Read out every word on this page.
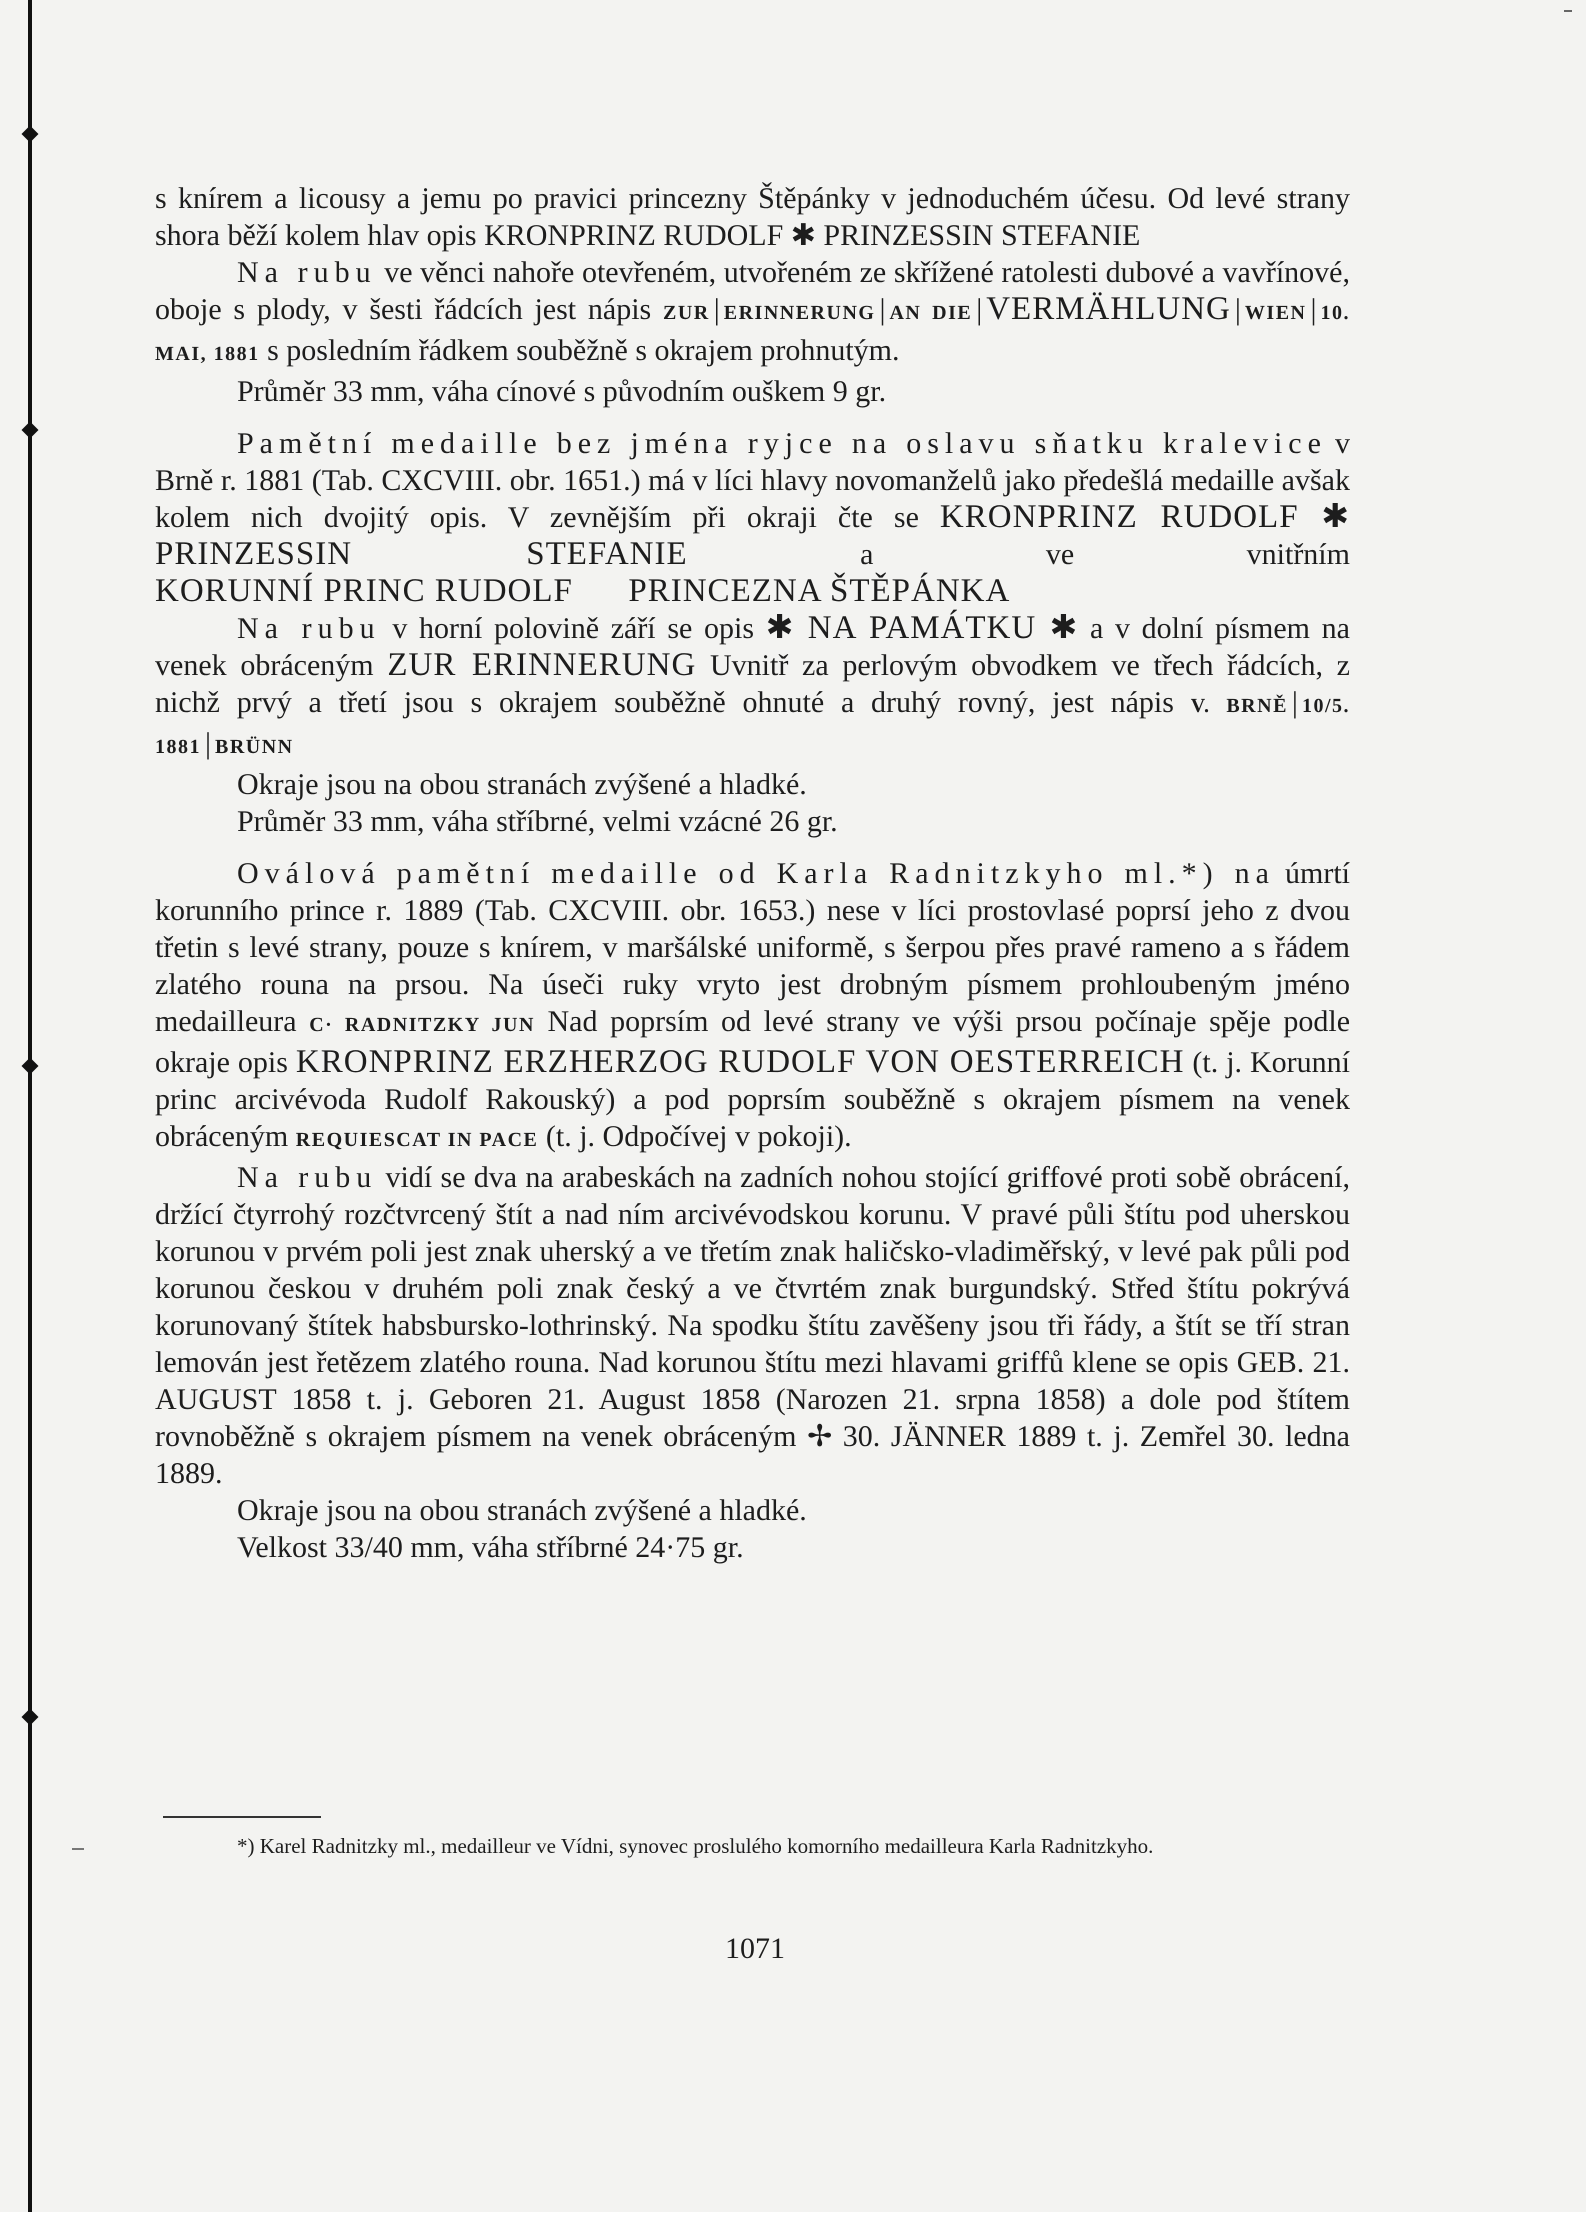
s knírem a licousy a jemu po pravici princezny Štěpánky v jednoduchém účesu. Od levé strany shora běží kolem hlav opis KRONPRINZ RUDOLF ✱ PRINZESSIN STEFANIE

Na rubu ve věnci nahoře otevřeném, utvořeném ze skřížené ratolesti dubové a vavřínové, oboje s plody, v šesti řádcích jest nápis ZUR | ERINNERUNG | AN DIE | VERMÄHLUNG | WIEN | 10. MAI, 1881 s posledním řádkem souběžně s okrajem prohnutým.

Průměr 33 mm, váha cínové s původním ouškem 9 gr.

Pamětní medaille bez jména ryjce na oslavu sňatku kralevice v Brně r. 1881 (Tab. CXCVIII. obr. 1651.) má v líci hlavy novomanželů jako předešlá medaille avšak kolem nich dvojitý opis. V zevnějším při okraji čte se KRONPRINZ RUDOLF ✱ PRINZESSIN STEFANIE a ve vnitřním KORUNNÍ PRINC RUDOLF      PRINCEZNA ŠTĚPÁNKA

Na rubu v horní polovině září se opis ✱ NA PAMÁTKU ✱ a v dolní písmem na venek obráceným ZUR ERINNERUNG Uvnitř za perlovým obvodkem ve třech řádcích, z nichž prvý a třetí jsou s okrajem souběžně ohnuté a druhý rovný, jest nápis V. BRNĚ | 10/5. 1881 | BRÜNN

Okraje jsou na obou stranách zvýšené a hladké.

Průměr 33 mm, váha stříbrné, velmi vzácné 26 gr.

Oválová pamětní medaille od Karla Radnitzkyho ml.*) na úmrtí korunního prince r. 1889 (Tab. CXCVIII. obr. 1653.) nese v líci prostovlasé poprsí jeho z dvou třetin s levé strany, pouze s knírem, v maršálské uniformě, s šerpou přes pravé rameno a s řádem zlatého rouna na prsou. Na úseči ruky vryto jest drobným písmem prohloubeným jméno medailleura C· RADNITZKY JUN Nad poprsím od levé strany ve výši prsou počínaje spěje podle okraje opis KRONPRINZ ERZHERZOG RUDOLF VON OESTERREICH (t. j. Korunní princ arcivévoda Rudolf Rakouský) a pod poprsím souběžně s okrajem písmem na venek obráceným REQUIESCAT IN PACE (t. j. Odpočívej v pokoji).

Na rubu vidí se dva na arabeskách na zadních nohou stojící griffové proti sobě obrácení, držící čtyrrohý rozčtvrcený štít a nad ním arcivévodskou korunu. V pravé půli štítu pod uherskou korunou v prvém poli jest znak uherský a ve třetím znak haličsko-vladiměřský, v levé pak půli pod korunou českou v druhém poli znak český a ve čtvrtém znak burgundský. Střed štítu pokrývá korunovaný štítek habsbursko-lothrinský. Na spodku štítu zavěšeny jsou tři řády, a štít se tří stran lemován jest řetězem zlatého rouna. Nad korunou štítu mezi hlavami griffů klene se opis GEB. 21. AUGUST 1858 t. j. Geboren 21. August 1858 (Narozen 21. srpna 1858) a dole pod štítem rovnoběžně s okrajem písmem na venek obráceným ✢ 30. JÄNNER 1889 t. j. Zemřel 30. ledna 1889.

Okraje jsou na obou stranách zvýšené a hladké.

Velkost 33/40 mm, váha stříbrné 24·75 gr.

*) Karel Radnitzky ml., medailleur ve Vídni, synovec proslulého komorního medailleura Karla Radnitzkyho.
1071
